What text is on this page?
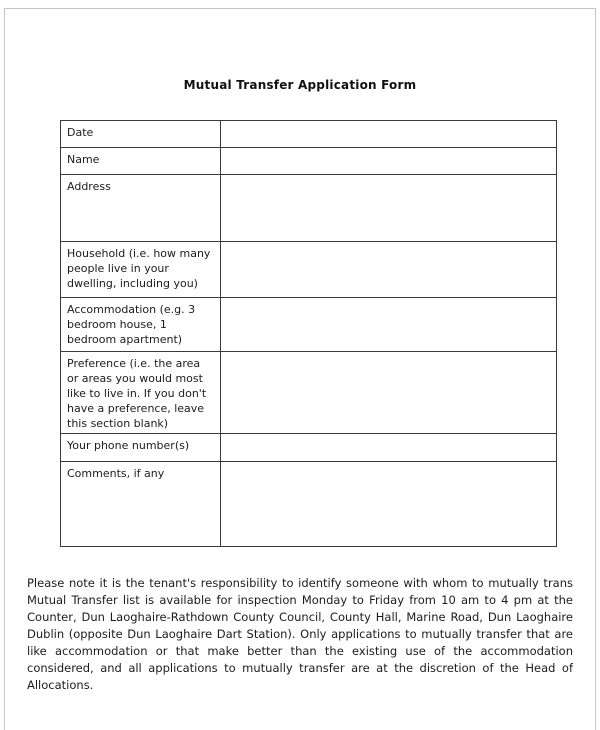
Mutual Transfer Application Form
Date
Name
Address
Household (i.e. how many people live in your dwelling, including you)
Accommodation (e.g. 3 bedroom house, 1 bedroom apartment)
Preference (i.e. the area or areas you would most like to live in. If you don't have a preference, leave this section blank)
Your phone number(s)
Comments, if any
Please note it is the tenant's responsibility to identify someone with whom to mutually trans
Mutual Transfer list is available for inspection Monday to Friday from 10 am to 4 pm at the
Counter, Dun Laoghaire-Rathdown County Council, County Hall, Marine Road, Dun Laoghaire
Dublin (opposite Dun Laoghaire Dart Station). Only applications to mutually transfer that are
like accommodation or that make better than the existing use of the accommodation
considered, and all applications to mutually transfer are at the discretion of the Head of
Allocations.
